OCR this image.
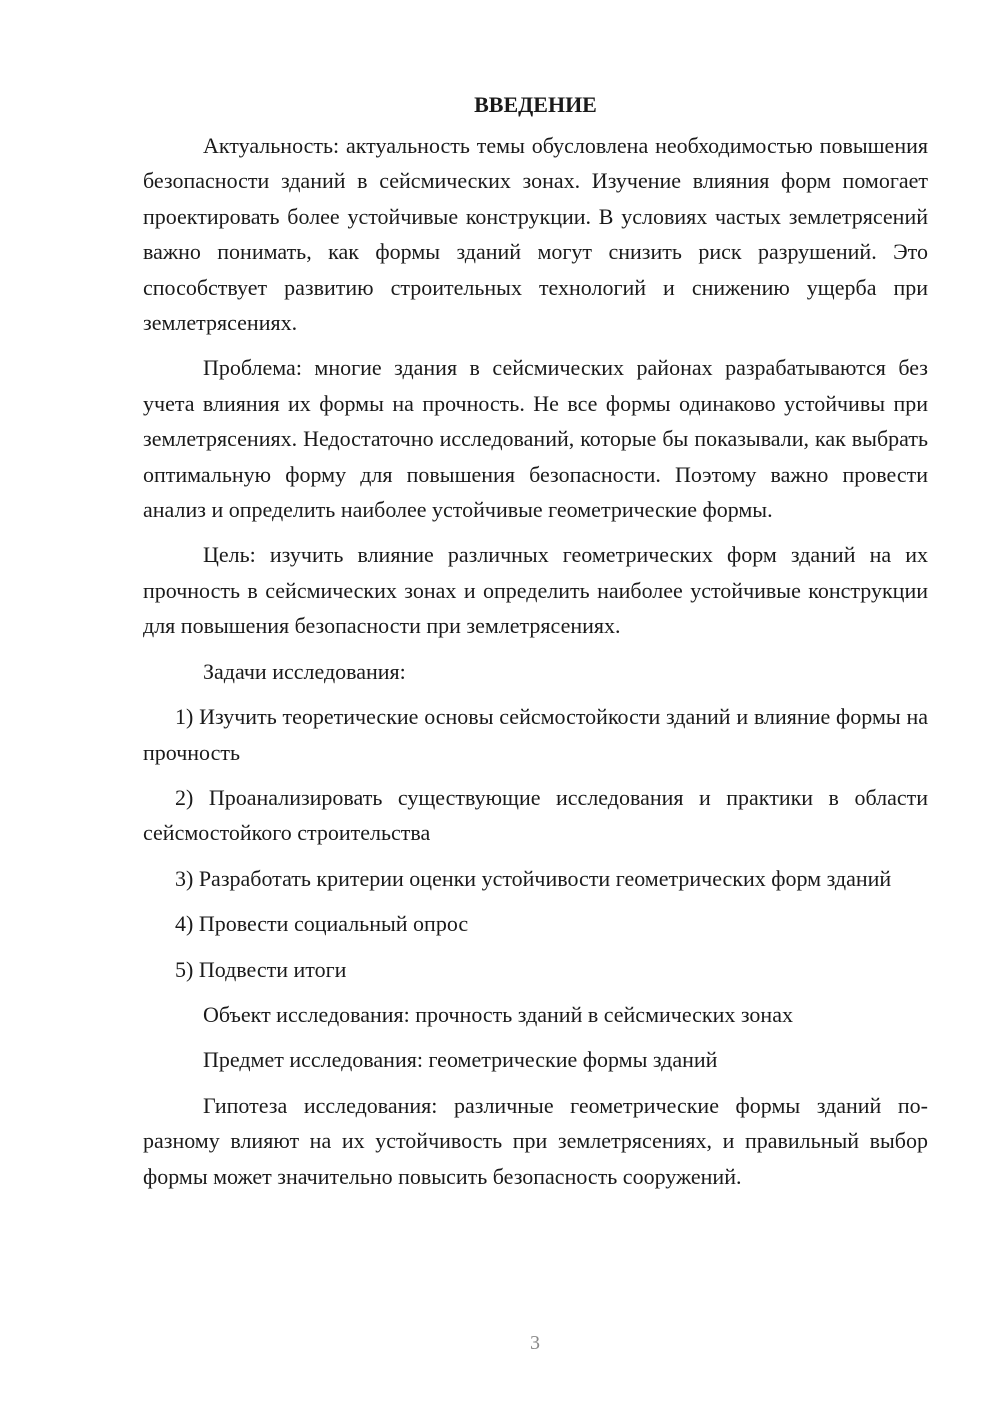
ВВЕДЕНИЕ

Актуальность: актуальность темы обусловлена необходимостью повышения безопасности зданий в сейсмических зонах. Изучение влияния форм помогает проектировать более устойчивые конструкции. В условиях частых землетрясений важно понимать, как формы зданий могут снизить риск разрушений. Это способствует развитию строительных технологий и снижению ущерба при землетрясениях.

Проблема: многие здания в сейсмических районах разрабатываются без учета влияния их формы на прочность. Не все формы одинаково устойчивы при землетрясениях. Недостаточно исследований, которые бы показывали, как выбрать оптимальную форму для повышения безопасности. Поэтому важно провести анализ и определить наиболее устойчивые геометрические формы.

Цель: изучить влияние различных геометрических форм зданий на их прочность в сейсмических зонах и определить наиболее устойчивые конструкции для повышения безопасности при землетрясениях.

Задачи исследования:

1) Изучить теоретические основы сейсмостойкости зданий и влияние формы на прочность

2) Проанализировать существующие исследования и практики в области сейсмостойкого строительства

3) Разработать критерии оценки устойчивости геометрических форм зданий

4) Провести социальный опрос

5) Подвести итоги

Объект исследования: прочность зданий в сейсмических зонах

Предмет исследования: геометрические формы зданий

Гипотеза исследования: различные геометрические формы зданий по-разному влияют на их устойчивость при землетрясениях, и правильный выбор формы может значительно повысить безопасность сооружений.

3
